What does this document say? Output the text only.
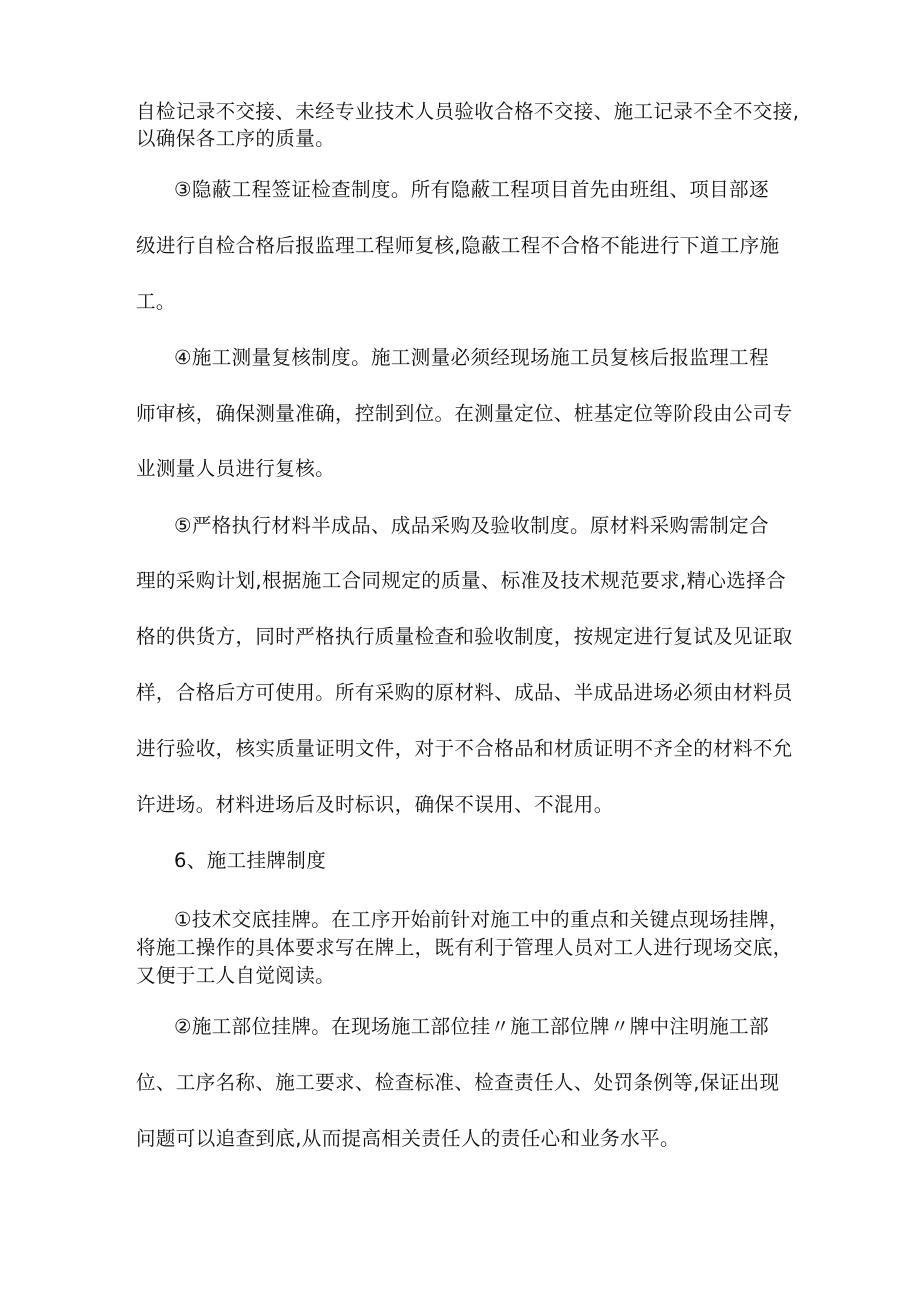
自检记录不交接、未经专业技术人员验收合格不交接、施工记录不全不交接,
以确保各工序的质量。
③隐蔽工程签证检查制度。所有隐蔽工程项目首先由班组、项目部逐
级进行自检合格后报监理工程师复核,隐蔽工程不合格不能进行下道工序施
工。
④施工测量复核制度。施工测量必须经现场施工员复核后报监理工程
师审核，确保测量准确，控制到位。在测量定位、桩基定位等阶段由公司专
业测量人员进行复核。
⑤严格执行材料半成品、成品采购及验收制度。原材料采购需制定合
理的采购计划,根据施工合同规定的质量、标准及技术规范要求,精心选择合
格的供货方，同时严格执行质量检查和验收制度，按规定进行复试及见证取
样，合格后方可使用。所有采购的原材料、成品、半成品进场必须由材料员
进行验收，核实质量证明文件，对于不合格品和材质证明不齐全的材料不允
许进场。材料进场后及时标识，确保不误用、不混用。
6、施工挂牌制度
①技术交底挂牌。在工序开始前针对施工中的重点和关键点现场挂牌，
将施工操作的具体要求写在牌上，既有利于管理人员对工人进行现场交底，
又便于工人自觉阅读。
②施工部位挂牌。在现场施工部位挂〃施工部位牌〃牌中注明施工部
位、工序名称、施工要求、检查标准、检查责任人、处罚条例等,保证出现
问题可以追查到底,从而提高相关责任人的责任心和业务水平。
